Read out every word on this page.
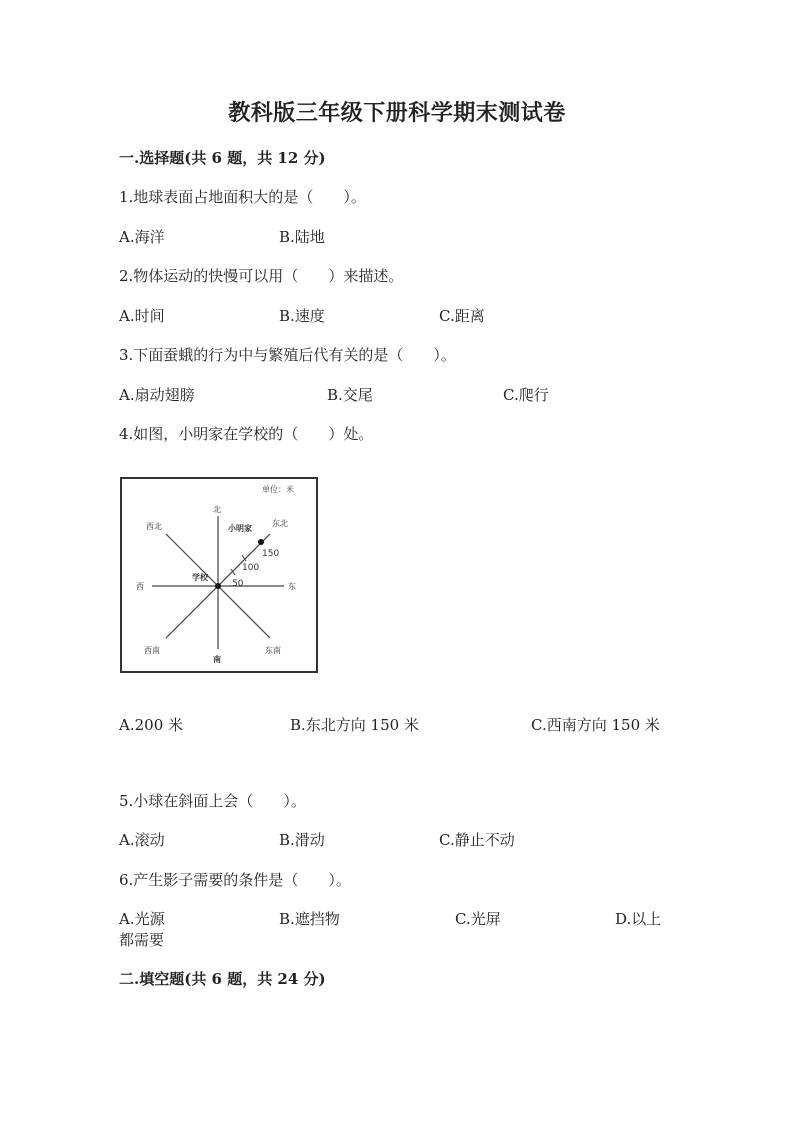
教科版三年级下册科学期末测试卷
一.选择题(共 6 题，共 12 分)
1.地球表面占地面积大的是（　　）。
A.海洋	B.陆地
2.物体运动的快慢可以用（　　）来描述。
A.时间	B.速度	C.距离
3.下面蚕蛾的行为中与繁殖后代有关的是（　　）。
A.扇动翅膀	B.交尾	C.爬行
4.如图，小明家在学校的（　　）处。
单位：米
北
南
西	东
西北	东北
西南	东南
学校
小明家
50
100
150
A.200 米	B.东北方向 150 米	C.西南方向 150 米
5.小球在斜面上会（　　）。
A.滚动	B.滑动	C.静止不动
6.产生影子需要的条件是（　　）。
A.光源	B.遮挡物	C.光屏	D.以上
都需要
二.填空题(共 6 题，共 24 分)
